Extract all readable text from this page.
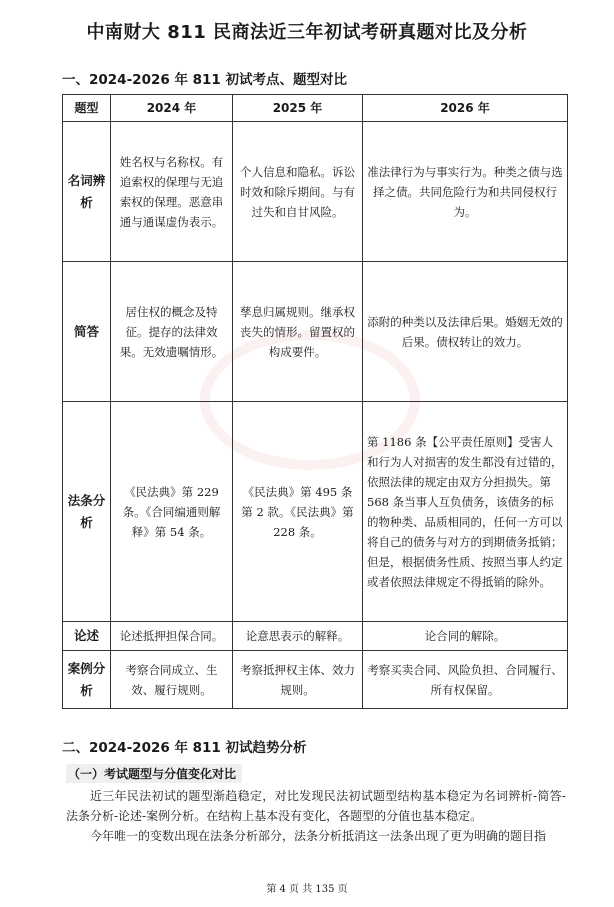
中南财大 811 民商法近三年初试考研真题对比及分析
一、2024-2026 年 811 初试考点、题型对比
题型	2024 年	2025 年	2026 年
名词辨析	姓名权与名称权。有追索权的保理与无追索权的保理。恶意串通与通谋虚伪表示。	个人信息和隐私。诉讼时效和除斥期间。与有过失和自甘风险。	准法律行为与事实行为。种类之债与选择之债。共同危险行为和共同侵权行为。
简答	居住权的概念及特征。提存的法律效果。无效遗嘱情形。	孳息归属规则。继承权丧失的情形。留置权的构成要件。	添附的种类以及法律后果。婚姻无效的后果。债权转让的效力。
法条分析	《民法典》第 229 条。《合同编通则解释》第 54 条。	《民法典》第 495 条第 2 款。《民法典》第 228 条。	第 1186 条【公平责任原则】受害人和行为人对损害的发生都没有过错的，依照法律的规定由双方分担损失。第 568 条当事人互负债务，该债务的标的物种类、品质相同的，任何一方可以将自己的债务与对方的到期债务抵销；但是，根据债务性质、按照当事人约定或者依照法律规定不得抵销的除外。
论述	论述抵押担保合同。	论意思表示的解释。	论合同的解除。
案例分析	考察合同成立、生效、履行规则。	考察抵押权主体、效力规则。	考察买卖合同、风险负担、合同履行、所有权保留。
二、2024-2026 年 811 初试趋势分析
（一）考试题型与分值变化对比
近三年民法初试的题型渐趋稳定，对比发现民法初试题型结构基本稳定为名词辨析-简答-法条分析-论述-案例分析。在结构上基本没有变化，各题型的分值也基本稳定。
今年唯一的变数出现在法条分析部分，法条分析抵消这一法条出现了更为明确的题目指
第 4 页 共 135 页
